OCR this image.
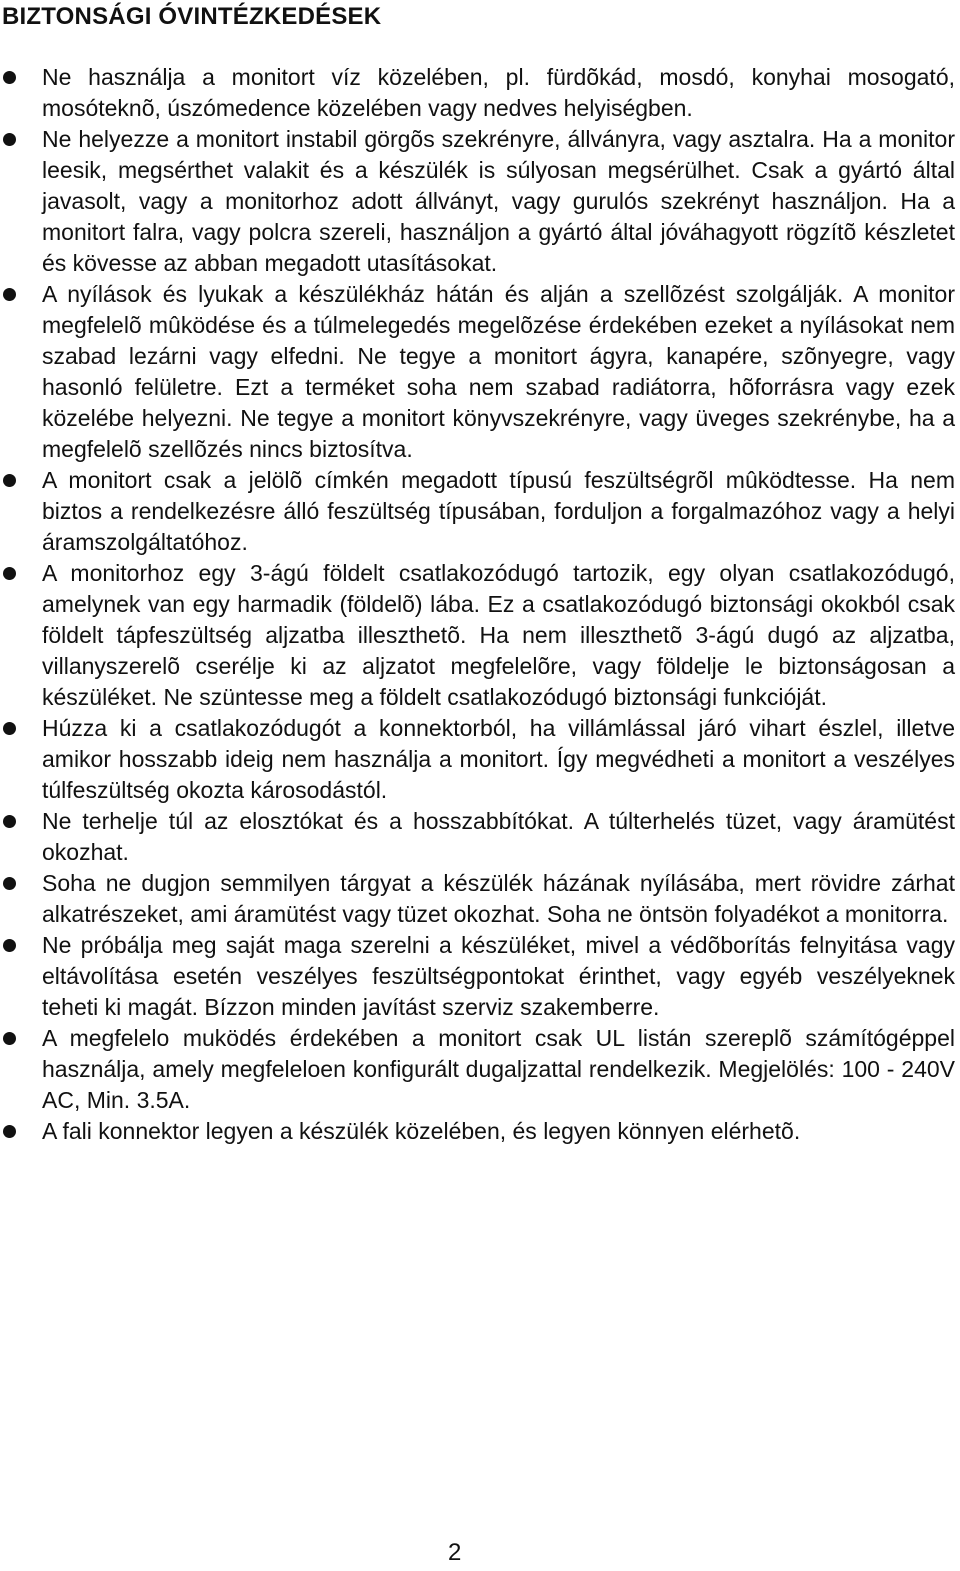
BIZTONSÁGI ÓVINTÉZKEDÉSEK
Ne használja a monitort víz közelében, pl. fürdõkád, mosdó, konyhai mosogató, mosóteknõ, úszómedence közelében vagy nedves helyiségben.
Ne helyezze a monitort instabil görgõs szekrényre, állványra, vagy asztalra. Ha a monitor leesik, megsérthet valakit és a készülék is súlyosan megsérülhet. Csak a gyártó által javasolt, vagy a monitorhoz adott állványt, vagy gurulós szekrényt használjon. Ha a monitort falra, vagy polcra szereli, használjon a gyártó által jóváhagyott rögzítõ készletet és kövesse az abban megadott utasításokat.
A nyílások és lyukak a készülékház hátán és alján a szellõzést szolgálják. A monitor megfelelõ mûködése és a túlmelegedés megelõzése érdekében ezeket a nyílásokat nem szabad lezárni vagy elfedni. Ne tegye a monitort ágyra, kanapére, szõnyegre, vagy hasonló felületre. Ezt a terméket soha nem szabad radiátorra, hõforrásra vagy ezek közelébe helyezni. Ne tegye a monitort könyvszekrényre, vagy üveges szekrénybe, ha a megfelelõ szellõzés nincs biztosítva.
A monitort csak a jelölõ címkén megadott típusú feszültségrõl mûködtesse. Ha nem biztos a rendelkezésre álló feszültség típusában, forduljon a forgalmazóhoz vagy a helyi áramszolgáltatóhoz.
A monitorhoz egy 3-ágú földelt csatlakozódugó tartozik, egy olyan csatlakozódugó, amelynek van egy harmadik (földelõ) lába. Ez a csatlakozódugó biztonsági okokból csak földelt tápfeszültség aljzatba illeszthetõ. Ha nem illeszthetõ 3-ágú dugó az aljzatba, villanyszerelõ cserélje ki az aljzatot megfelelõre, vagy földelje le biztonságosan a készüléket. Ne szüntesse meg a földelt csatlakozódugó biztonsági funkcióját.
Húzza ki a csatlakozódugót a konnektorból, ha villámlással járó vihart észlel, illetve amikor hosszabb ideig nem használja a monitort. Így megvédheti a monitort a veszélyes túlfeszültség okozta károsodástól.
Ne terhelje túl az elosztókat és a hosszabbítókat. A túlterhelés tüzet, vagy áramütést okozhat.
Soha ne dugjon semmilyen tárgyat a készülék házának nyílásába, mert rövidre zárhat alkatrészeket, ami áramütést vagy tüzet okozhat. Soha ne öntsön folyadékot a monitorra.
Ne próbálja meg saját maga szerelni a készüléket, mivel a védõborítás felnyitása vagy eltávolítása esetén veszélyes feszültségpontokat érinthet, vagy egyéb veszélyeknek teheti ki magát. Bízzon minden javítást szerviz szakemberre.
A megfelelo muködés érdekében a monitort csak UL listán szereplõ számítógéppel használja, amely megfeleloen konfigurált dugaljzattal rendelkezik. Megjelölés: 100 - 240V AC, Min. 3.5A.
A fali konnektor legyen a készülék közelében, és legyen könnyen elérhetõ.
2
